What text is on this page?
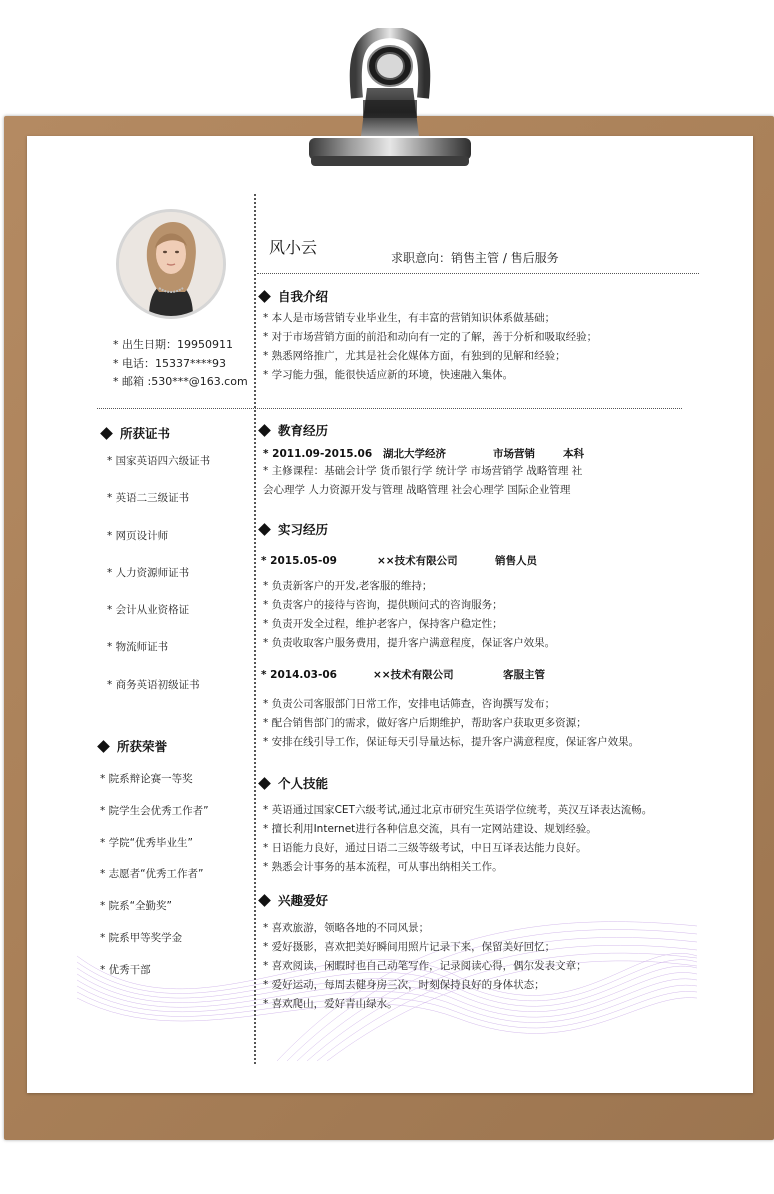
* 出生日期：19950911
* 电话：15337****93
* 邮箱 :530***@163.com
风小云
求职意向：销售主管 / 售后服务
自我介绍
* 本人是市场营销专业毕业生，有丰富的营销知识体系做基础；
* 对于市场营销方面的前沿和动向有一定的了解，善于分析和吸取经验；
* 熟悉网络推广，尤其是社会化媒体方面，有独到的见解和经验；
* 学习能力强，能很快适应新的环境，快速融入集体。
所获证书
* 国家英语四六级证书
* 英语二三级证书
* 网页设计师
* 人力资源师证书
* 会计从业资格证
* 物流师证书
* 商务英语初级证书
所获荣誉
* 院系辩论赛一等奖
* 院学生会优秀工作者”
* 学院“优秀毕业生”
* 志愿者“优秀工作者”
* 院系“全勤奖”
* 院系甲等奖学金
* 优秀干部
教育经历
* 2011.09-2015.06 湖北大学经济	市场营销	本科
* 主修课程：基础会计学 货币银行学 统计学 市场营销学 战略管理 社
会心理学 人力资源开发与管理 战略管理 社会心理学 国际企业管理
实习经历
* 2015.05-09	××技术有限公司	销售人员
* 负责新客户的开发,老客服的维持；
* 负责客户的接待与咨询，提供顾问式的咨询服务；
* 负责开发全过程，维护老客户，保持客户稳定性；
* 负责收取客户服务费用，提升客户满意程度，保证客户效果。
* 2014.03-06	××技术有限公司	客服主管
* 负责公司客服部门日常工作，安排电话筛查，咨询撰写发布；
* 配合销售部门的需求，做好客户后期维护，帮助客户获取更多资源；
* 安排在线引导工作，保证每天引导量达标，提升客户满意程度，保证客户效果。
个人技能
* 英语通过国家CET六级考试,通过北京市研究生英语学位统考，英汉互译表达流畅。
* 擅长利用Internet进行各种信息交流，具有一定网站建设、规划经验。
* 日语能力良好，通过日语二三级等级考试，中日互译表达能力良好。
* 熟悉会计事务的基本流程，可从事出纳相关工作。
兴趣爱好
* 喜欢旅游，领略各地的不同风景；
* 爱好摄影，喜欢把美好瞬间用照片记录下来，保留美好回忆；
* 喜欢阅读，闲暇时也自己动笔写作，记录阅读心得，偶尔发表文章；
* 爱好运动，每周去健身房三次，时刻保持良好的身体状态；
* 喜欢爬山，爱好青山绿水。
